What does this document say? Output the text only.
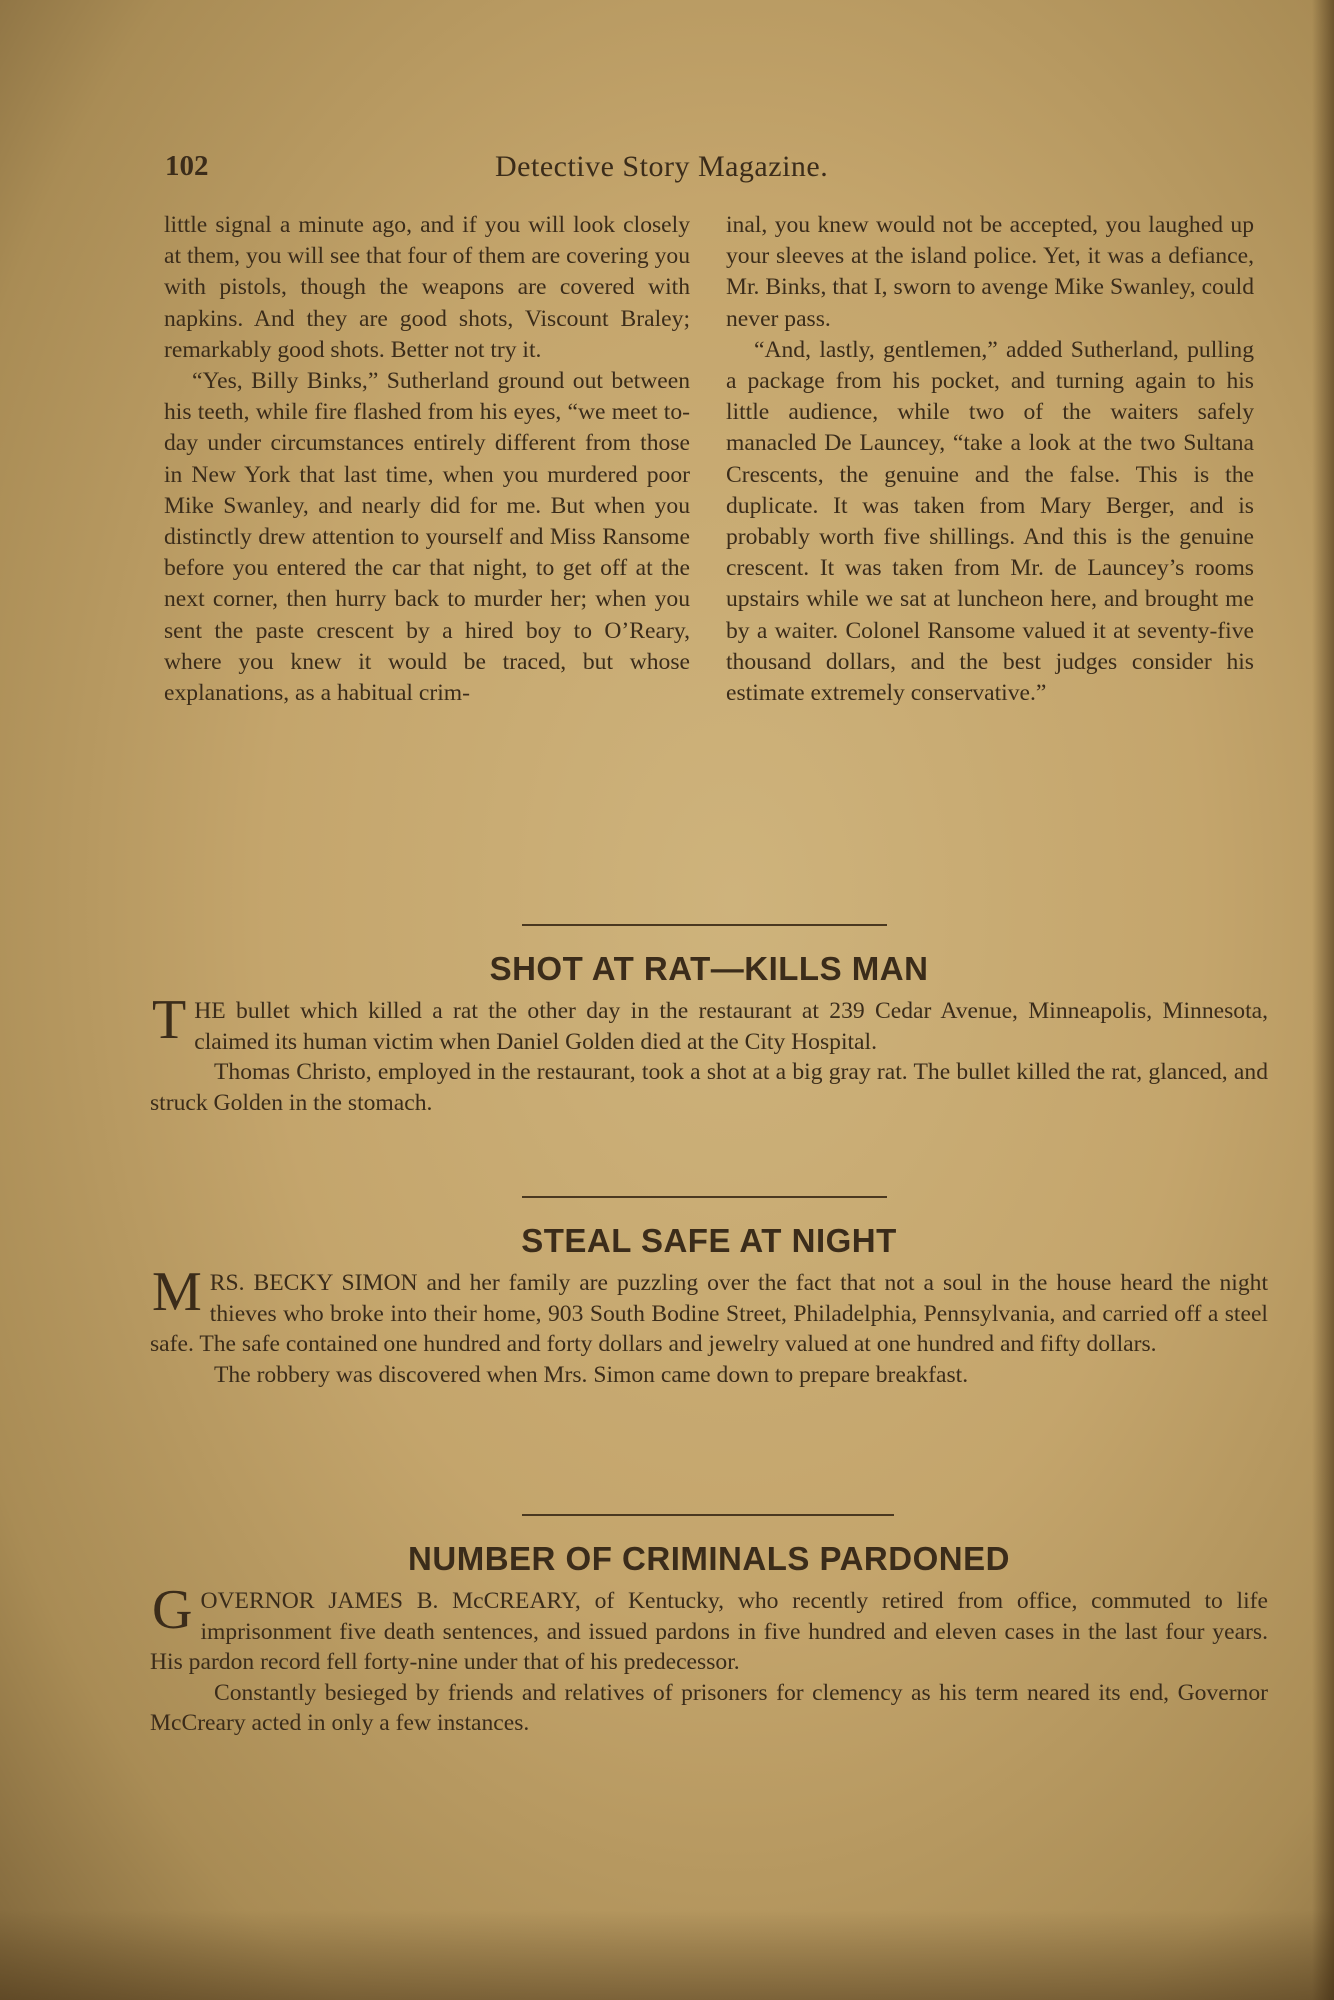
102	Detective Story Magazine.

little signal a minute ago, and if you will look closely at them, you will see that four of them are covering you with pistols, though the weapons are covered with napkins. And they are good shots, Viscount Braley; remarkably good shots. Better not try it.

“Yes, Billy Binks,” Sutherland ground out between his teeth, while fire flashed from his eyes, “we meet to-day under circumstances entirely different from those in New York that last time, when you murdered poor Mike Swanley, and nearly did for me. But when you distinctly drew attention to yourself and Miss Ransome before you entered the car that night, to get off at the next corner, then hurry back to murder her; when you sent the paste crescent by a hired boy to O’Reary, where you knew it would be traced, but whose explanations, as a habitual crim-

inal, you knew would not be accepted, you laughed up your sleeves at the island police. Yet, it was a defiance, Mr. Binks, that I, sworn to avenge Mike Swanley, could never pass.

“And, lastly, gentlemen,” added Sutherland, pulling a package from his pocket, and turning again to his little audience, while two of the waiters safely manacled De Launcey, “take a look at the two Sultana Crescents, the genuine and the false. This is the duplicate. It was taken from Mary Berger, and is probably worth five shillings. And this is the genuine crescent. It was taken from Mr. de Launcey’s rooms upstairs while we sat at luncheon here, and brought me by a waiter. Colonel Ransome valued it at seventy-five thousand dollars, and the best judges consider his estimate extremely conservative.”

SHOT AT RAT—KILLS MAN

THE bullet which killed a rat the other day in the restaurant at 239 Cedar Avenue, Minneapolis, Minnesota, claimed its human victim when Daniel Golden died at the City Hospital.

Thomas Christo, employed in the restaurant, took a shot at a big gray rat. The bullet killed the rat, glanced, and struck Golden in the stomach.

STEAL SAFE AT NIGHT

MRS. BECKY SIMON and her family are puzzling over the fact that not a soul in the house heard the night thieves who broke into their home, 903 South Bodine Street, Philadelphia, Pennsylvania, and carried off a steel safe. The safe contained one hundred and forty dollars and jewelry valued at one hundred and fifty dollars.

The robbery was discovered when Mrs. Simon came down to prepare breakfast.

NUMBER OF CRIMINALS PARDONED

GOVERNOR JAMES B. McCREARY, of Kentucky, who recently retired from office, commuted to life imprisonment five death sentences, and issued pardons in five hundred and eleven cases in the last four years. His pardon record fell forty-nine under that of his predecessor.

Constantly besieged by friends and relatives of prisoners for clemency as his term neared its end, Governor McCreary acted in only a few instances.
